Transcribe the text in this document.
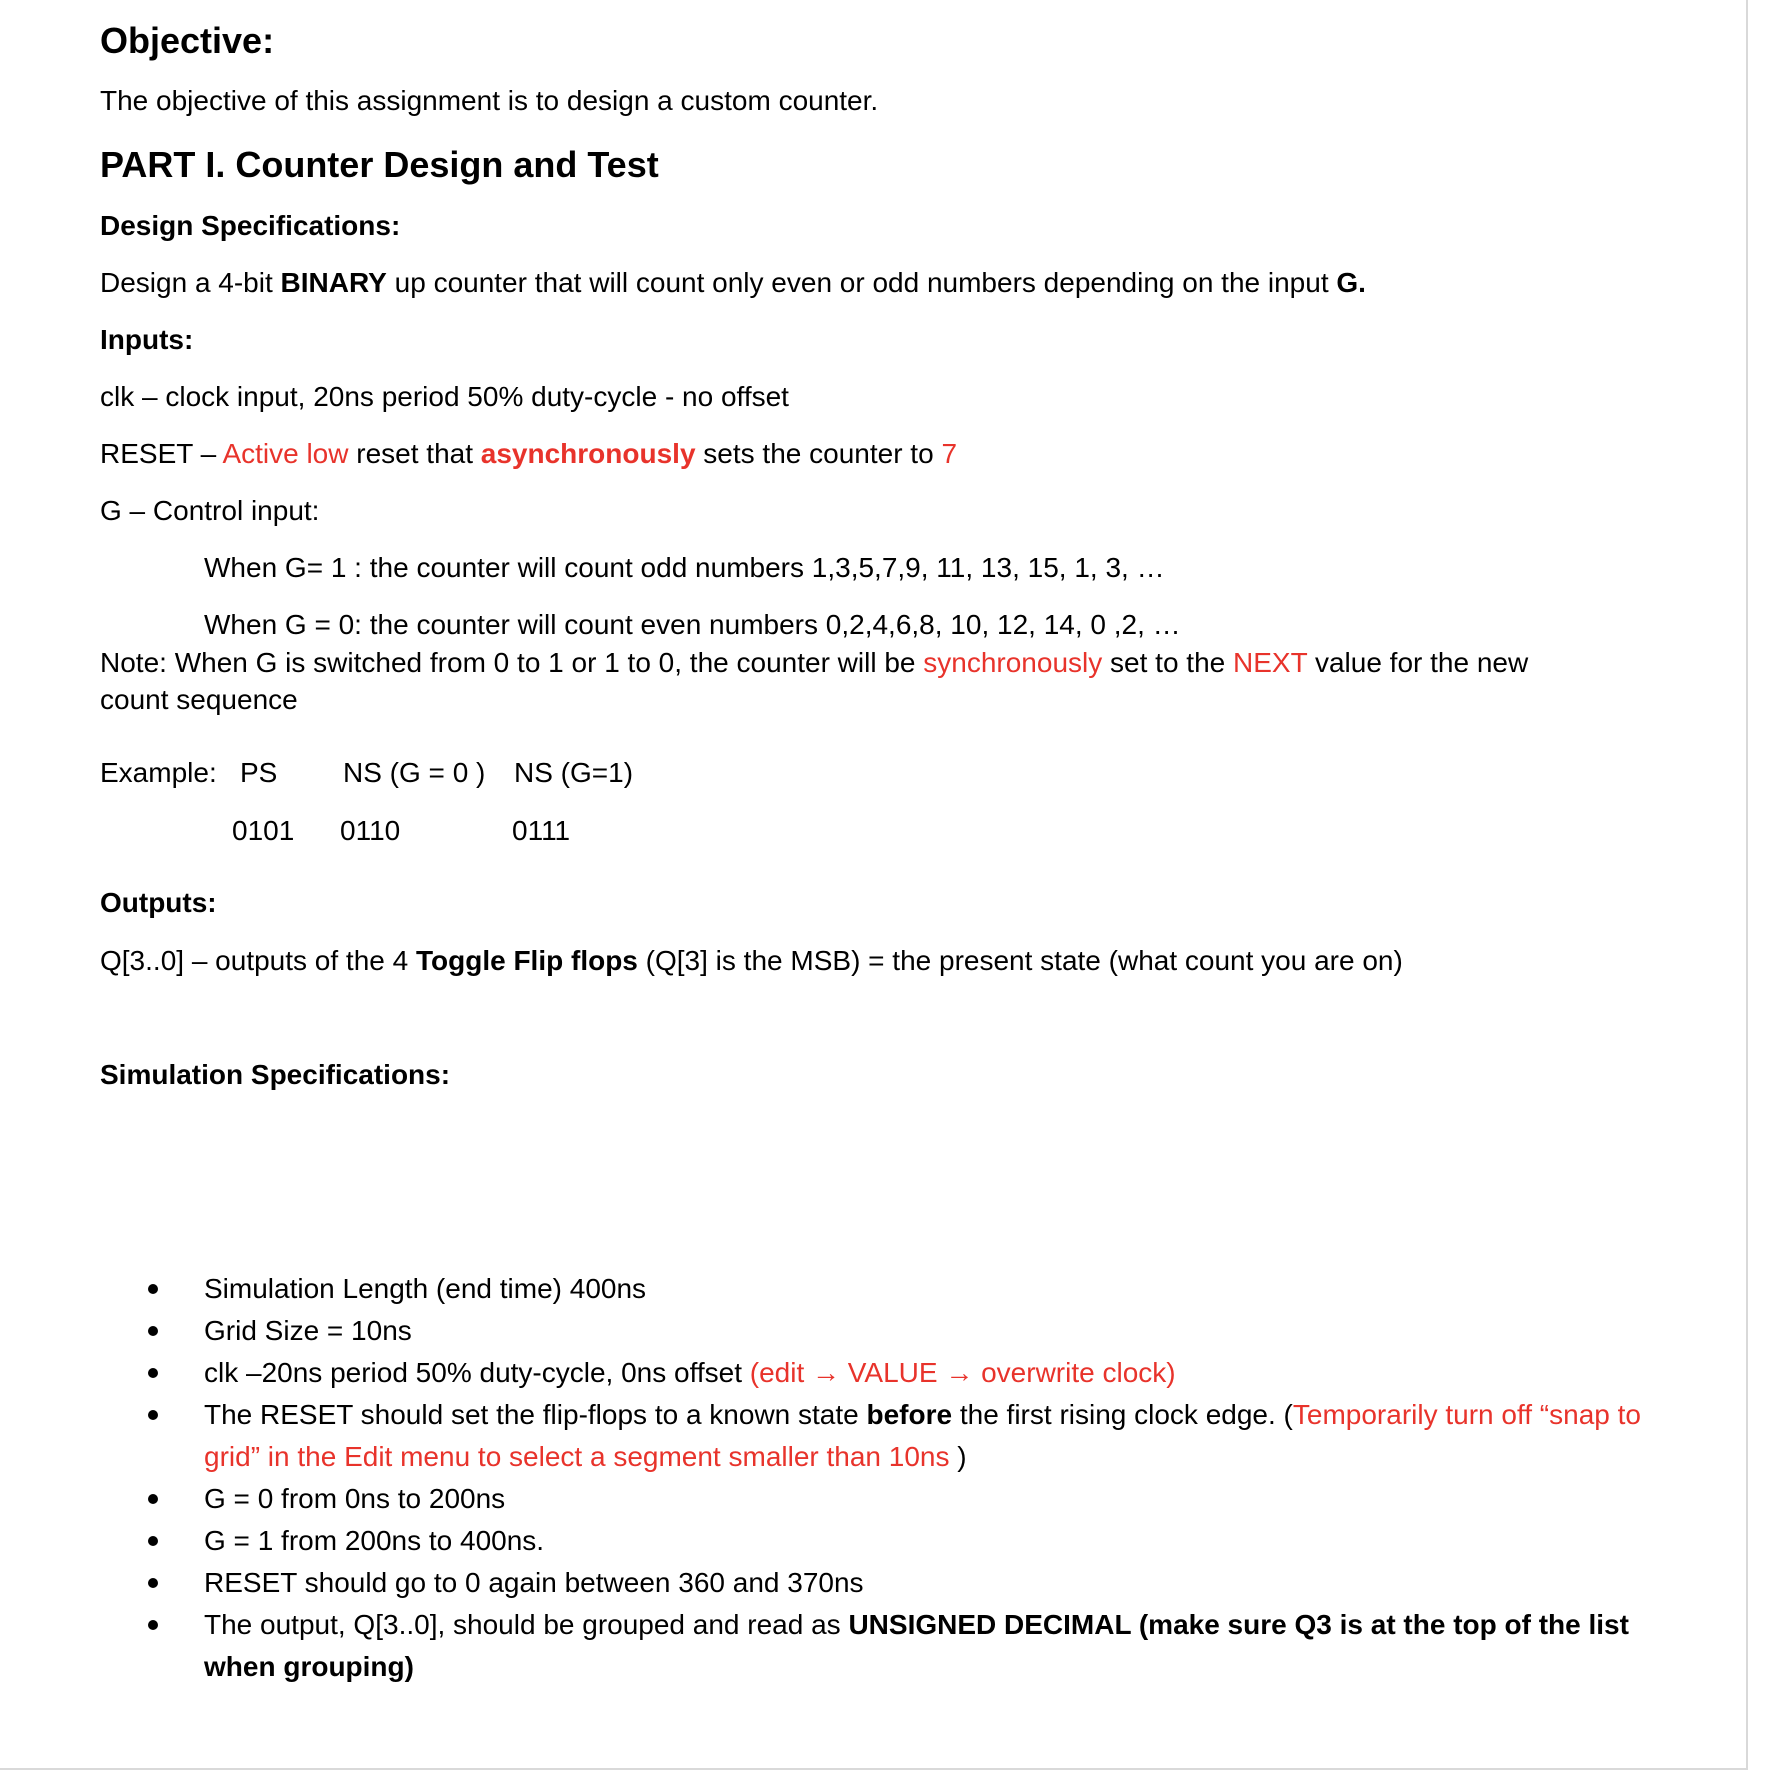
Objective:
The objective of this assignment is to design a custom counter.
PART I. Counter Design and Test
Design Specifications:
Design a 4-bit BINARY up counter that will count only even or odd numbers depending on the input G.
Inputs:
clk – clock input, 20ns period 50% duty-cycle - no offset
RESET – Active low reset that asynchronously sets the counter to 7
G – Control input:
When G= 1 : the counter will count odd numbers 1,3,5,7,9, 11, 13, 15, 1, 3, …
When G = 0: the counter will count even numbers 0,2,4,6,8, 10, 12, 14, 0 ,2, …
Note: When G is switched from 0 to 1 or 1 to 0, the counter will be synchronously set to the NEXT value for the new
count sequence
Example: PS NS (G = 0 ) NS (G=1)
0101 0110	0111
Outputs:
Q[3..0] – outputs of the 4 Toggle Flip flops (Q[3] is the MSB) = the present state (what count you are on)
Simulation Specifications:
Simulation Length (end time) 400ns
Grid Size = 10ns
clk –20ns period 50% duty-cycle, 0ns offset (edit → VALUE → overwrite clock)
The RESET should set the flip-flops to a known state before the first rising clock edge. (Temporarily turn off “snap to grid” in the Edit menu to select a segment smaller than 10ns )
G = 0 from 0ns to 200ns
G = 1 from 200ns to 400ns.
RESET should go to 0 again between 360 and 370ns
The output, Q[3..0], should be grouped and read as UNSIGNED DECIMAL (make sure Q3 is at the top of the list when grouping)
